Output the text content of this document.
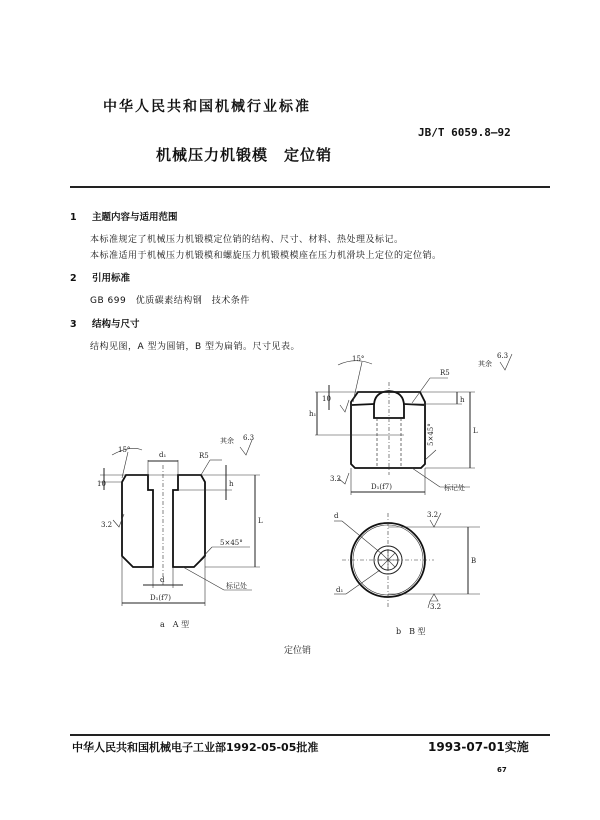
中华人民共和国机械行业标准
JB/T 6059.8—92
机械压力机锻模　定位销
1 主题内容与适用范围
本标准规定了机械压力机锻模定位销的结构、尺寸、材料、热处理及标记。
本标准适用于机械压力机锻模和螺旋压力机锻模模座在压力机滑块上定位的定位销。
2 引用标准
GB 699　优质碳素结构钢　技术条件
3 结构与尺寸
结构见图，A 型为圆销，B 型为扁销。尺寸见表。
15°
d₁	R5
h
L
10
3.2
5×45°
d
D₁(f7)
标记处
其余 6.3
a　A 型
15°
R5
h
h₁
10
L
5×45°
3.2
D₁(f7)	标记处
其余
6.3
d
d₁
B
3.2
3.2
b　B 型
定位销
中华人民共和国机械电子工业部1992-05-05批准	1993-07-01实施
67
